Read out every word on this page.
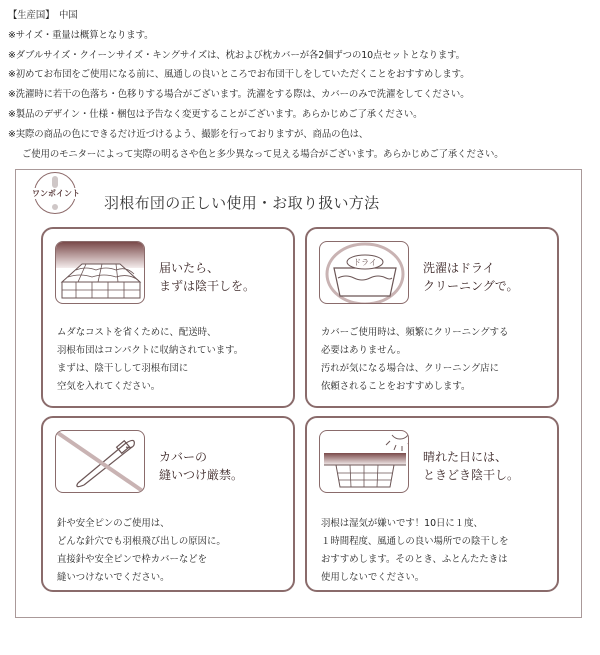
【生産国】　中国
※サイズ・重量は概算となります。
※ダブルサイズ・クイーンサイズ・キングサイズは、枕および枕カバーが各2個ずつの10点セットとなります。
※初めてお布団をご使用になる前に、風通しの良いところでお布団干しをしていただくことをおすすめします。
※洗濯時に若干の色落ち・色移りする場合がございます。洗濯をする際は、カバーのみで洗濯をしてください。
※製品のデザイン・仕様・梱包は予告なく変更することがございます。あらかじめご了承ください。
※実際の商品の色にできるだけ近づけるよう、撮影を行っておりますが、商品の色は、
ご使用のモニターによって実際の明るさや色と多少異なって見える場合がございます。あらかじめご了承ください。
ワンポイント
羽根布団の正しい使用・お取り扱い方法
届いたら、
まずは陰干しを。
ムダなコストを省くために、配送時、
羽根布団はコンパクトに収納されています。
まずは、陰干しして羽根布団に
空気を入れてください。
ドライ	洗濯はドライ
クリーニングで。
カバーご使用時は、頻繁にクリーニングする
必要はありません。
汚れが気になる場合は、クリーニング店に
依頼されることをおすすめします。
カバーの
縫いつけ厳禁。
針や安全ピンのご使用は、
どんな針穴でも羽根飛び出しの原因に。
直接針や安全ピンで枠カバーなどを
縫いつけないでください。
晴れた日には、
ときどき陰干し。
羽根は湿気が嫌いです！10日に１度、
１時間程度、風通しの良い場所での陰干しを
おすすめします。そのとき、ふとんたたきは
使用しないでください。
